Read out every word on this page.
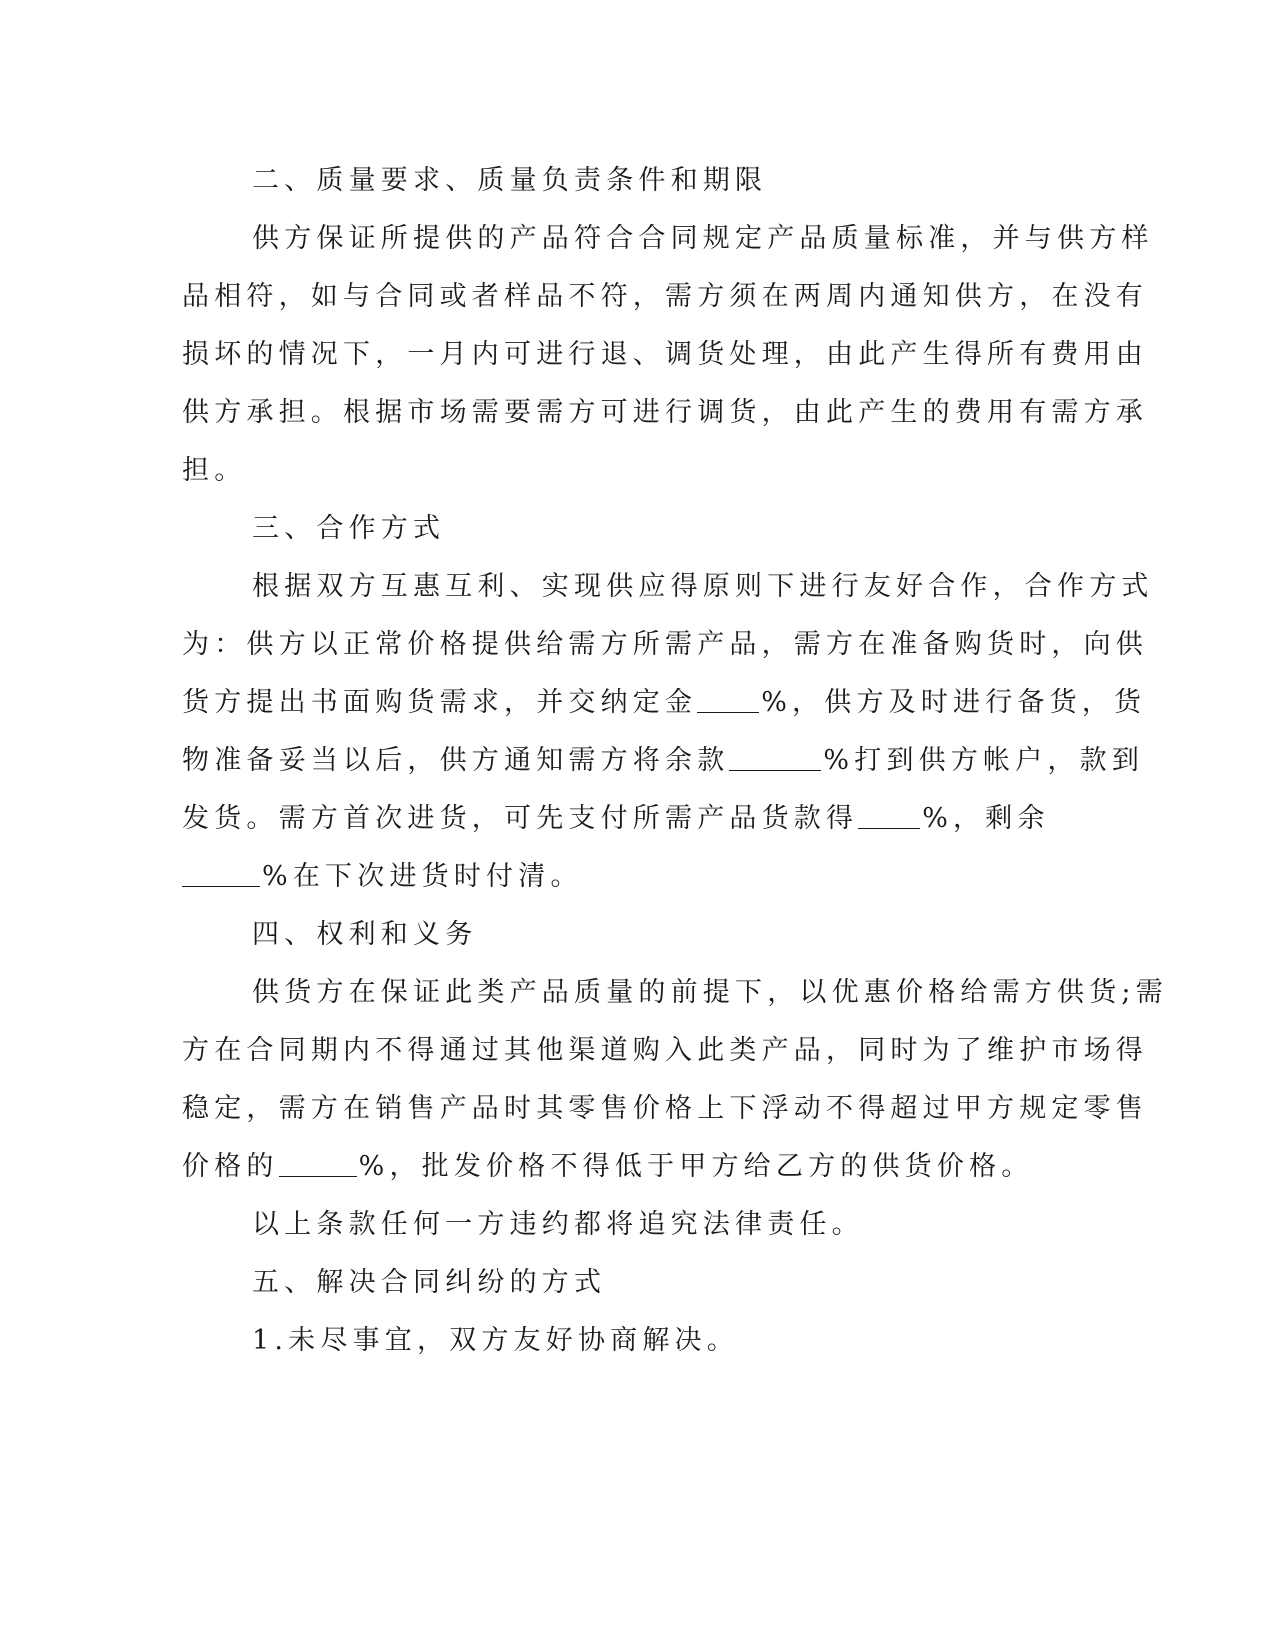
二、质量要求、质量负责条件和期限
供方保证所提供的产品符合合同规定产品质量标准，并与供方样
品相符，如与合同或者样品不符，需方须在两周内通知供方，在没有
损坏的情况下，一月内可进行退、调货处理，由此产生得所有费用由
供方承担。根据市场需要需方可进行调货，由此产生的费用有需方承
担。
三、合作方式
根据双方互惠互利、实现供应得原则下进行友好合作，合作方式
为：供方以正常价格提供给需方所需产品，需方在准备购货时，向供
货方提出书面购货需求，并交纳定金 %，供方及时进行备货，货
物准备妥当以后，供方通知需方将余款	%打到供方帐户，款到
发货。需方首次进货，可先支付所需产品货款得 %，剩余
%在下次进货时付清。
四、权利和义务
供货方在保证此类产品质量的前提下，以优惠价格给需方供货;需
方在合同期内不得通过其他渠道购入此类产品，同时为了维护市场得
稳定，需方在销售产品时其零售价格上下浮动不得超过甲方规定零售
价格的	%，批发价格不得低于甲方给乙方的供货价格。
以上条款任何一方违约都将追究法律责任。
五、解决合同纠纷的方式
1.未尽事宜，双方友好协商解决。
